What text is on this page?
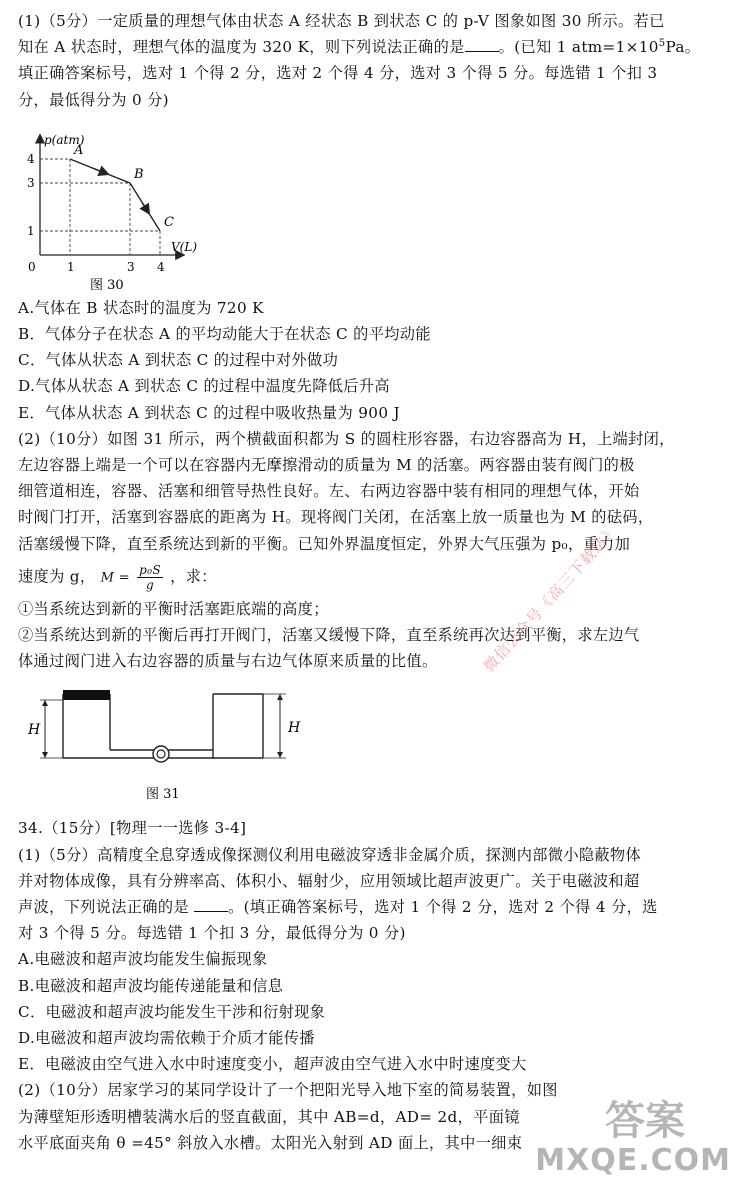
(1)（5分）一定质量的理想气体由状态 A 经状态 B 到状态 C 的 p-V 图象如图 30 所示。若已

知在 A 状态时，理想气体的温度为 320 K，则下列说法正确的是 。(已知 1 $atm=1\times 10^5Pa$。

填正确答案标号，选对 1 个得 2 分，选对 2 个得 4 分，选对 3 个得 5 分。每选错 1 个扣 3

分，最低得分为 0 分)

p(atm)
V(L)
0	1	3 4
4
3
1
A
B
C
图 30

A.气体在 B 状态时的温度为 720 K

B．气体分子在状态 A 的平均动能大于在状态 C 的平均动能

C．气体从状态 A 到状态 C 的过程中对外做功

D.气体从状态 A 到状态 C 的过程中温度先降低后升高

E．气体从状态 A 到状态 C 的过程中吸收热量为 900 J

(2)（10分）如图 31 所示，两个横截面积都为 S 的圆柱形容器，右边容器高为 H，上端封闭，

左边容器上端是一个可以在容器内无摩擦滑动的质量为 M 的活塞。两容器由装有阀门的极

细管道相连，容器、活塞和细管导热性良好。左、右两边容器中装有相同的理想气体，开始

时阀门打开，活塞到容器底的距离为 H。现将阀门关闭，在活塞上放一质量也为 M 的砝码，

活塞缓慢下降，直至系统达到新的平衡。已知外界温度恒定，外界大气压强为 p₀，重力加

速度为 g， $M = \frac{\text{p₀S}}{g}$ ，求：

①当系统达到新的平衡时活塞距底端的高度；

②当系统达到新的平衡后再打开阀门，活塞又缓慢下降，直至系统再次达到平衡，求左边气

体通过阀门进入右边容器的质量与右边气体原来质量的比值。

H	H
图 31

34.（15分）[物理一一选修 3-4]

(1)（5分）高精度全息穿透成像探测仪利用电磁波穿透非金属介质，探测内部微小隐蔽物体

并对物体成像，具有分辨率高、体积小、辐射少，应用领域比超声波更广。关于电磁波和超

声波，下列说法正确的是	。(填正确答案标号，选对 1 个得 2 分，选对 2 个得 4 分，选

对 3 个得 5 分。每选错 1 个扣 3 分，最低得分为 0 分)

A.电磁波和超声波均能发生偏振现象

B.电磁波和超声波均能传递能量和信息

C．电磁波和超声波均能发生干涉和衍射现象

D.电磁波和超声波均需依赖于介质才能传播

E．电磁波由空气进入水中时速度变小，超声波由空气进入水中时速度变大

(2)（10分）居家学习的某同学设计了一个把阳光导入地下室的简易装置，如图

为薄壁矩形透明槽装满水后的竖直截面，其中 AB=d，AD= 2d，平面镜

水平底面夹角 θ =45° 斜放入水槽。太阳光入射到 AD 面上，其中一细束

微信公众号《高三下载站》
答案
MXQE.COM
